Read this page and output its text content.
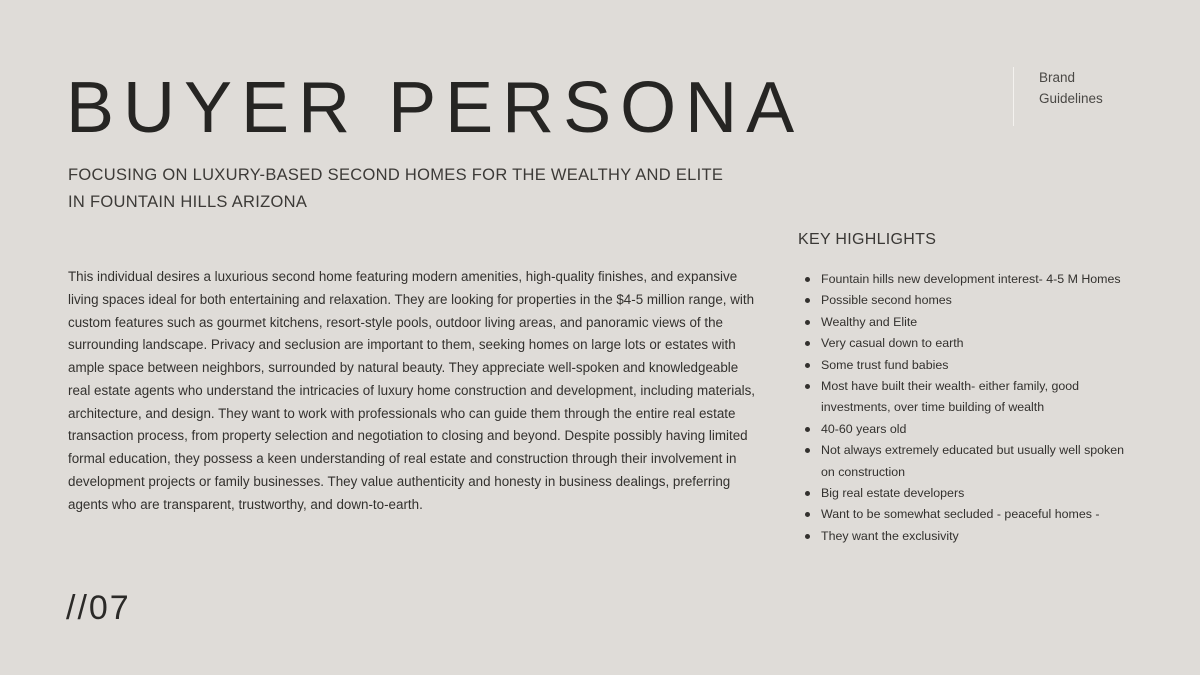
BUYER PERSONA
FOCUSING ON LUXURY-BASED SECOND HOMES FOR THE WEALTHY AND ELITE IN FOUNTAIN HILLS ARIZONA
Brand
Guidelines

This individual desires a luxurious second home featuring modern amenities, high-quality finishes, and expansive living spaces ideal for both entertaining and relaxation. They are looking for properties in the $4-5 million range, with custom features such as gourmet kitchens, resort-style pools, outdoor living areas, and panoramic views of the surrounding landscape. Privacy and seclusion are important to them, seeking homes on large lots or estates with ample space between neighbors, surrounded by natural beauty. They appreciate well-spoken and knowledgeable real estate agents who understand the intricacies of luxury home construction and development, including materials, architecture, and design. They want to work with professionals who can guide them through the entire real estate transaction process, from property selection and negotiation to closing and beyond. Despite possibly having limited formal education, they possess a keen understanding of real estate and construction through their involvement in development projects or family businesses. They value authenticity and honesty in business dealings, preferring agents who are transparent, trustworthy, and down-to-earth.

KEY HIGHLIGHTS
Fountain hills new development interest- 4-5 M Homes
Possible second homes
Wealthy and Elite
Very casual down to earth
Some trust fund babies
Most have built their wealth- either family, good investments, over time building of wealth
40-60 years old
Not always extremely educated but usually well spoken on construction
Big real estate developers
Want to be somewhat secluded - peaceful homes -
They want the exclusivity
//07
